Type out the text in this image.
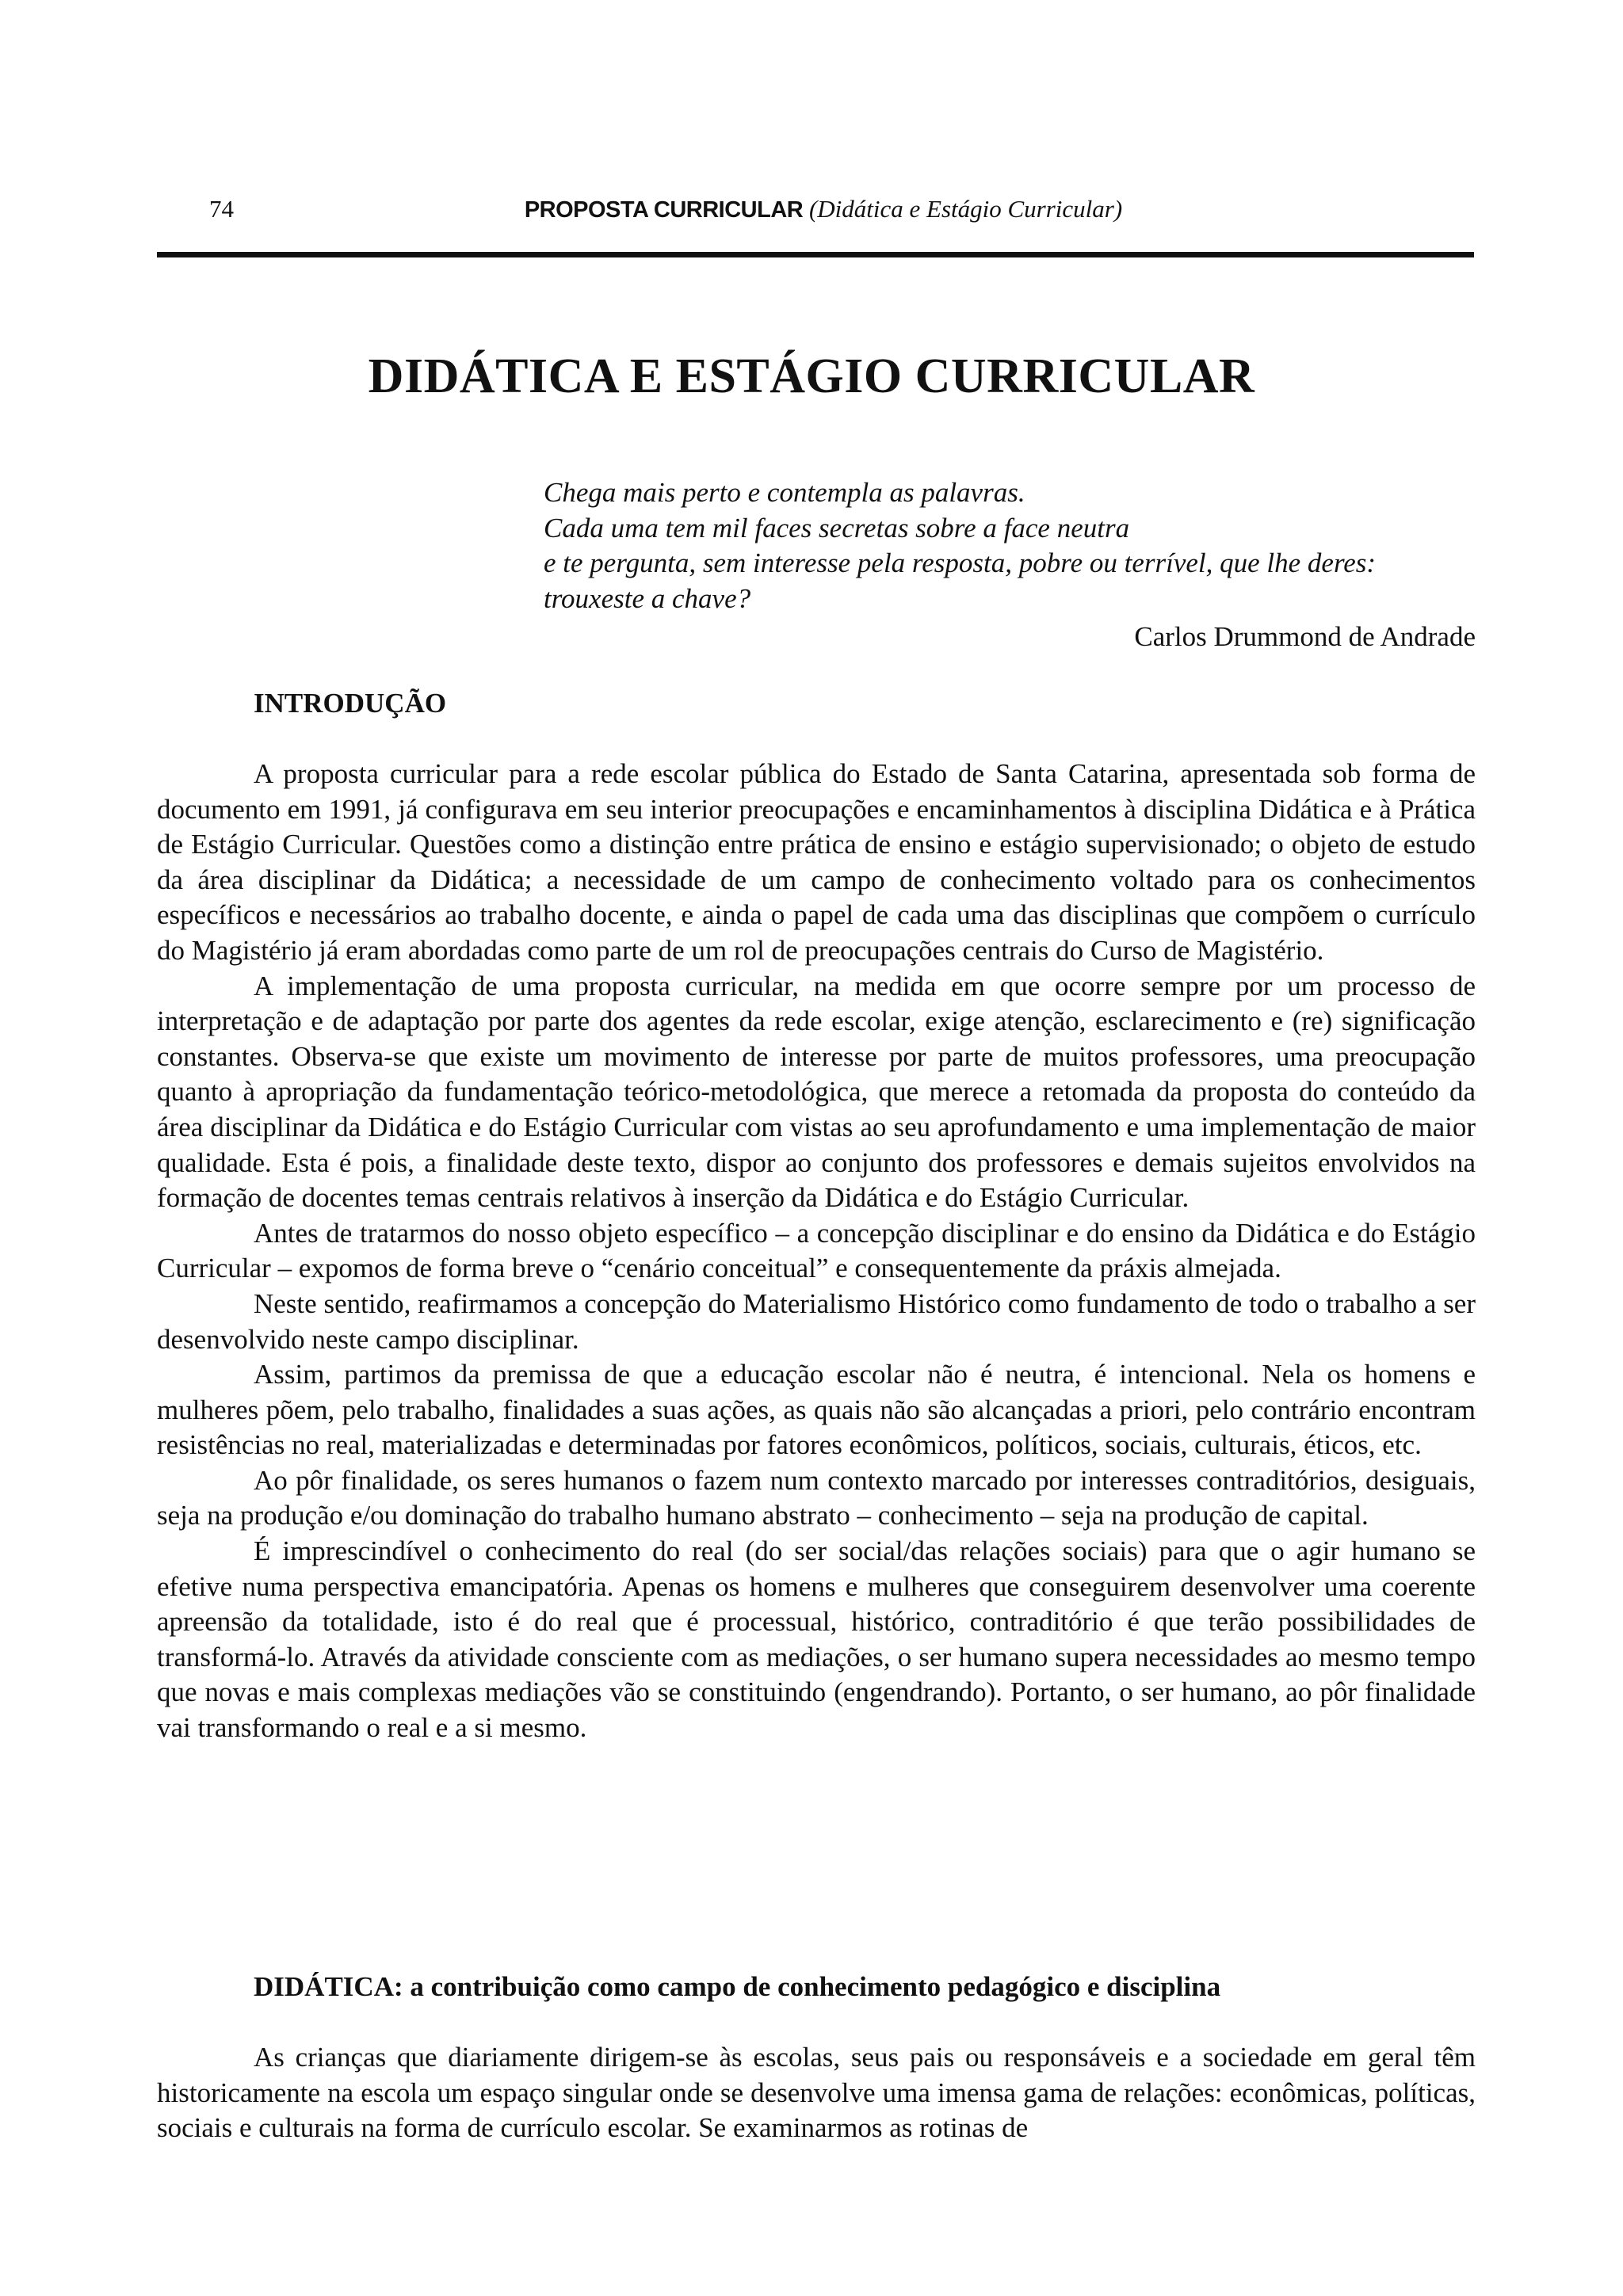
74	PROPOSTA CURRICULAR (Didática e Estágio Curricular)
DIDÁTICA E ESTÁGIO CURRICULAR
Chega mais perto e contempla as palavras.
Cada uma tem mil faces secretas sobre a face neutra
e te pergunta, sem interesse pela resposta, pobre ou terrível, que lhe deres:
trouxeste a chave?
Carlos Drummond de Andrade
INTRODUÇÃO

A proposta curricular para a rede escolar pública do Estado de Santa Catarina, apresentada sob forma de documento em 1991, já configurava em seu interior preocupações e encaminhamentos à disciplina Didática e à Prática de Estágio Curricular. Questões como a distinção entre prática de ensino e estágio supervisionado; o objeto de estudo da área disciplinar da Didática; a necessidade de um campo de conhecimento voltado para os conhecimentos específicos e necessários ao trabalho docente, e ainda o papel de cada uma das disciplinas que compõem o currículo do Magistério já eram abordadas como parte de um rol de preocupações centrais do Curso de Magistério.

A implementação de uma proposta curricular, na medida em que ocorre sempre por um processo de interpretação e de adaptação por parte dos agentes da rede escolar, exige atenção, esclarecimento e (re) significação constantes. Observa-se que existe um movimento de interesse por parte de muitos professores, uma preocupação quanto à apropriação da fundamentação teórico-metodológica, que merece a retomada da proposta do conteúdo da área disciplinar da Didática e do Estágio Curricular com vistas ao seu aprofundamento e uma implementação de maior qualidade. Esta é pois, a finalidade deste texto, dispor ao conjunto dos professores e demais sujeitos envolvidos na formação de docentes temas centrais relativos à inserção da Didática e do Estágio Curricular.

Antes de tratarmos do nosso objeto específico – a concepção disciplinar e do ensino da Didática e do Estágio Curricular – expomos de forma breve o “cenário conceitual” e consequentemente da práxis almejada.

Neste sentido, reafirmamos a concepção do Materialismo Histórico como fundamento de todo o trabalho a ser desenvolvido neste campo disciplinar.

Assim, partimos da premissa de que a educação escolar não é neutra, é intencional. Nela os homens e mulheres põem, pelo trabalho, finalidades a suas ações, as quais não são alcançadas a priori, pelo contrário encontram resistências no real, materializadas e determinadas por fatores econômicos, políticos, sociais, culturais, éticos, etc.

Ao pôr finalidade, os seres humanos o fazem num contexto marcado por interesses contraditórios, desiguais, seja na produção e/ou dominação do trabalho humano abstrato – conhecimento – seja na produção de capital.

É imprescindível o conhecimento do real (do ser social/das relações sociais) para que o agir humano se efetive numa perspectiva emancipatória. Apenas os homens e mulheres que conseguirem desenvolver uma coerente apreensão da totalidade, isto é do real que é processual, histórico, contraditório é que terão possibilidades de transformá-lo. Através da atividade consciente com as mediações, o ser humano supera necessidades ao mesmo tempo que novas e mais complexas mediações vão se constituindo (engendrando). Portanto, o ser humano, ao pôr finalidade vai transformando o real e a si mesmo.

DIDÁTICA: a contribuição como campo de conhecimento pedagógico e disciplina

As crianças que diariamente dirigem-se às escolas, seus pais ou responsáveis e a sociedade em geral têm historicamente na escola um espaço singular onde se desenvolve uma imensa gama de relações: econômicas, políticas, sociais e culturais na forma de currículo escolar. Se examinarmos as rotinas de
